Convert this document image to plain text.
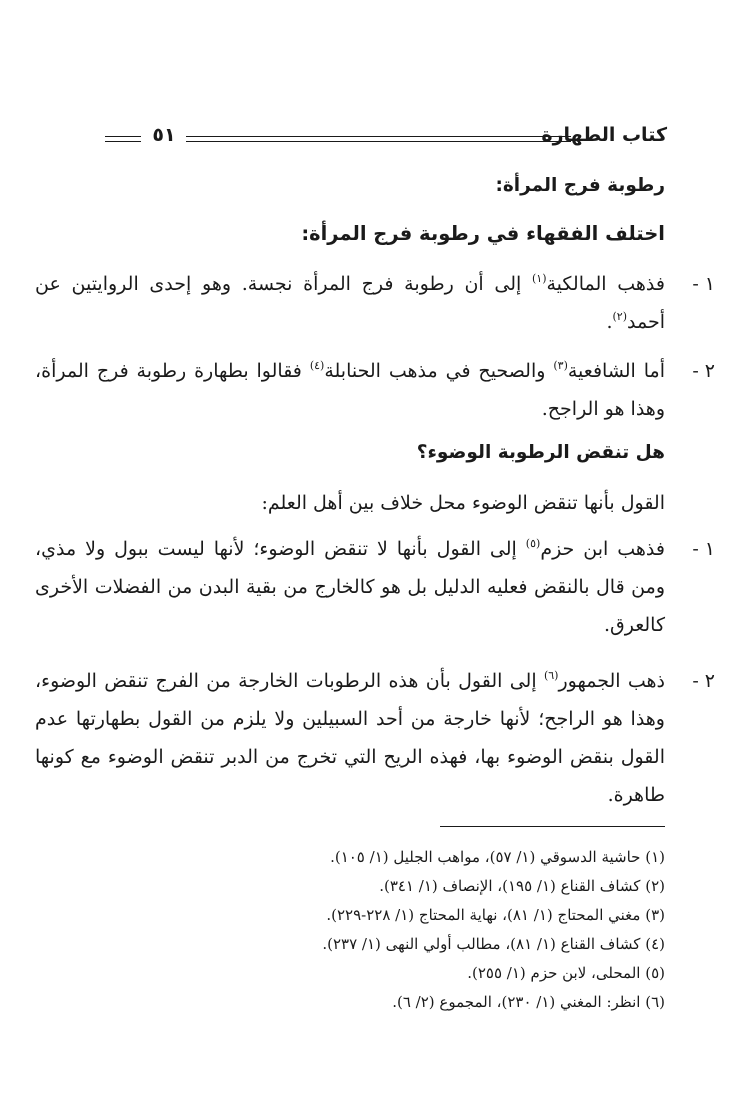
كتاب الطهارة
٥١
رطوبة فرج المرأة:
اختلف الفقهاء في رطوبة فرج المرأة:
١ -
فذهب المالكية$^{(١)}$ إلى أن رطوبة فرج المرأة نجسة. وهو إحدى الروايتين عن أحمد$^{(٢)}$.
٢ -
أما الشافعية$^{(٣)}$ والصحيح في مذهب الحنابلة$^{(٤)}$ فقالوا بطهارة رطوبة فرج المرأة، وهذا هو الراجح.
هل تنقض الرطوبة الوضوء؟
القول بأنها تنقض الوضوء محل خلاف بين أهل العلم:
١ -
فذهب ابن حزم$^{(٥)}$ إلى القول بأنها لا تنقض الوضوء؛ لأنها ليست ببول ولا مذي، ومن قال بالنقض فعليه الدليل بل هو كالخارج من بقية البدن من الفضلات الأخرى كالعرق.
٢ -
ذهب الجمهور$^{(٦)}$ إلى القول بأن هذه الرطوبات الخارجة من الفرج تنقض الوضوء، وهذا هو الراجح؛ لأنها خارجة من أحد السبيلين ولا يلزم من القول بطهارتها عدم القول بنقض الوضوء بها، فهذه الريح التي تخرج من الدبر تنقض الوضوء مع كونها طاهرة.
(١) حاشية الدسوقي (١/ ٥٧)، مواهب الجليل (١/ ١٠٥).
(٢) كشاف القناع (١/ ١٩٥)، الإنصاف (١/ ٣٤١).
(٣) مغني المحتاج (١/ ٨١)، نهاية المحتاج (١/ ٢٢٨-٢٢٩).
(٤) كشاف القناع (١/ ٨١)، مطالب أولي النهى (١/ ٢٣٧).
(٥) المحلى، لابن حزم (١/ ٢٥٥).
(٦) انظر: المغني (١/ ٢٣٠)، المجموع (٢/ ٦).
